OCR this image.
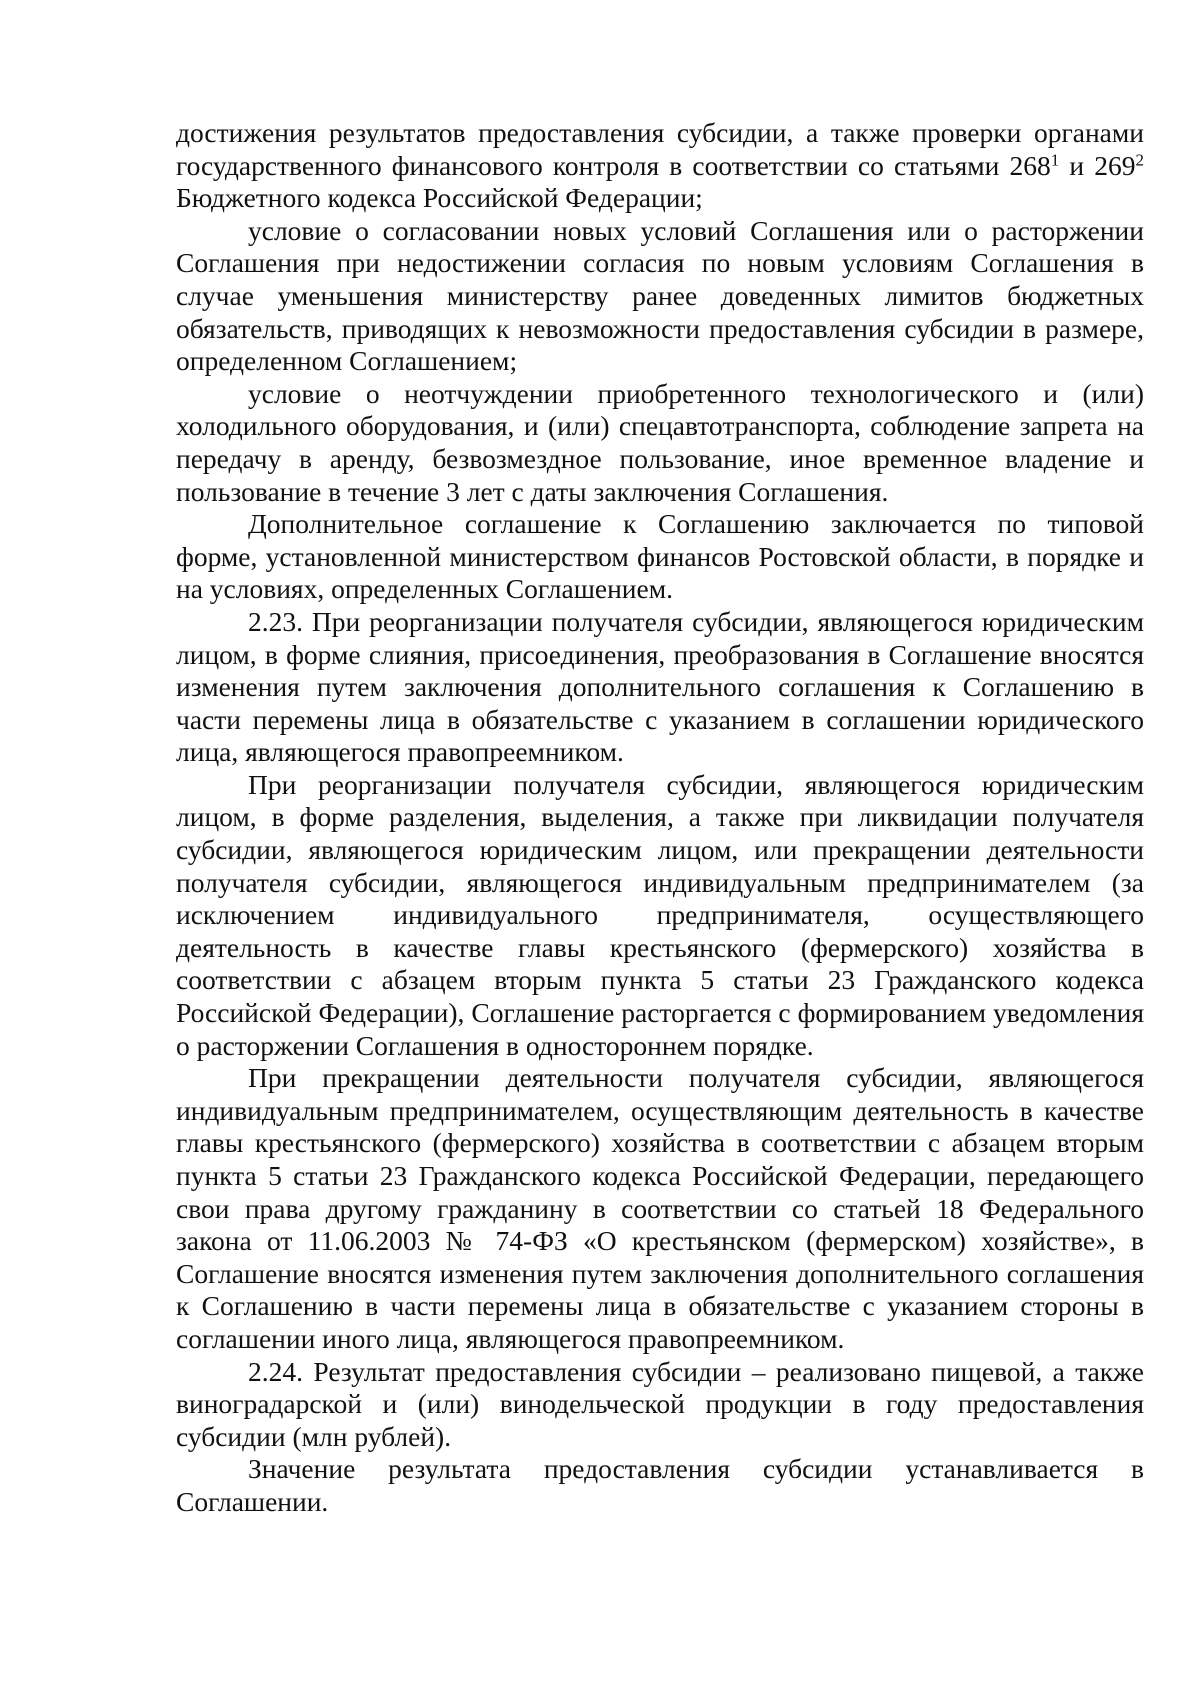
достижения результатов предоставления субсидии, а также проверки органами государственного финансового контроля в соответствии со статьями $268^1$ и $269^2$ Бюджетного кодекса Российской Федерации;

условие о согласовании новых условий Соглашения или о расторжении Соглашения при недостижении согласия по новым условиям Соглашения в случае уменьшения министерству ранее доведенных лимитов бюджетных обязательств, приводящих к невозможности предоставления субсидии в размере, определенном Соглашением;

условие о неотчуждении приобретенного технологического и (или) холодильного оборудования, и (или) спецавтотранспорта, соблюдение запрета на передачу в аренду, безвозмездное пользование, иное временное владение и пользование в течение 3 лет с даты заключения Соглашения.

Дополнительное соглашение к Соглашению заключается по типовой форме, установленной министерством финансов Ростовской области, в порядке и на условиях, определенных Соглашением.

2.23. При реорганизации получателя субсидии, являющегося юридическим лицом, в форме слияния, присоединения, преобразования в Соглашение вносятся изменения путем заключения дополнительного соглашения к Соглашению в части перемены лица в обязательстве с указанием в соглашении юридического лица, являющегося правопреемником.

При реорганизации получателя субсидии, являющегося юридическим лицом, в форме разделения, выделения, а также при ликвидации получателя субсидии, являющегося юридическим лицом, или прекращении деятельности получателя субсидии, являющегося индивидуальным предпринимателем (за исключением индивидуального предпринимателя, осуществляющего деятельность в качестве главы крестьянского (фермерского) хозяйства в соответствии с абзацем вторым пункта 5 статьи 23 Гражданского кодекса Российской Федерации), Соглашение расторгается с формированием уведомления о расторжении Соглашения в одностороннем порядке.

При прекращении деятельности получателя субсидии, являющегося индивидуальным предпринимателем, осуществляющим деятельность в качестве главы крестьянского (фермерского) хозяйства в соответствии с абзацем вторым пункта 5 статьи 23 Гражданского кодекса Российской Федерации, передающего свои права другому гражданину в соответствии со статьей 18 Федерального закона от 11.06.2003 № 74-ФЗ «О крестьянском (фермерском) хозяйстве», в Соглашение вносятся изменения путем заключения дополнительного соглашения к Соглашению в части перемены лица в обязательстве с указанием стороны в соглашении иного лица, являющегося правопреемником.

2.24. Результат предоставления субсидии – реализовано пищевой, а также виноградарской и (или) винодельческой продукции в году предоставления субсидии (млн рублей).

Значение результата предоставления субсидии устанавливается в Соглашении.
